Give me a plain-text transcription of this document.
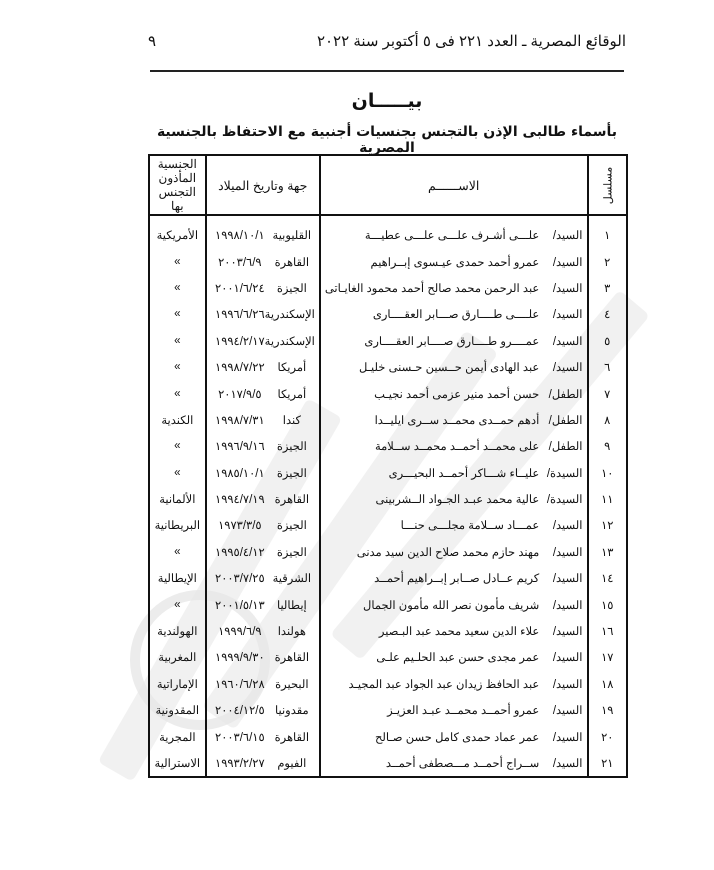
الوقائع المصرية ـ العدد ٢٢١ فى ٥ أكتوبر سنة ٢٠٢٢
٩
بيـــــان
بأسماء طالبى الإذن بالتجنس بجنسيات أجنبية مع الاحتفاظ بالجنسية المصرية
مسلسل	الاســــــم	جهة وتاريخ الميلاد	الجنسية المأذون التجنس بها
١	السيد/ علـــى أشـرف علـــى علـــى عطيـــة	القليوبية١٩٩٨/١٠/١	الأمريكية
٢	السيد/ عمرو أحمد حمدى عيـسوى إبــراهيم	القاهرة٢٠٠٣/٦/٩	»
٣	السيد/ عبد الرحمن محمد صالح أحمد محمود الغايـاتى	الجيزة٢٠٠١/٦/٢٤	»
٤	السيد/ علــــى طــــارق صـــابر العقــــارى	الإسكندرية١٩٩٦/٦/٢٦	»
٥	السيد/ عمــــرو طــــارق صــــابر العقــــارى	الإسكندرية١٩٩٤/٢/١٧	»
٦	السيد/ عبد الهادى أيمن حــسين حـسنى خليـل	أمريكا١٩٩٨/٧/٢٢	»
٧	الطفل/ حسن أحمد منير عزمى أحمد نجيـب	أمريكا٢٠١٧/٩/٥	»
٨	الطفل/ أدهم حمــدى محمــد ســرى ايليــدا	كندا١٩٩٨/٧/٣١	الكندية
٩	الطفل/ على محمــد أحمــد محمــد ســلامة	الجيزة١٩٩٦/٩/١٦	»
١٠	السيدة/ عليــاء شـــاكر أحمــد البحيـــرى	الجيزة١٩٨٥/١٠/١	»
١١	السيدة/ عالية محمد عبـد الجـواد الــشربينى	القاهرة١٩٩٤/٧/١٩	الألمانية
١٢	السيد/ عمـــاد ســلامة مجلـــى حنـــا	الجيزة١٩٧٣/٣/٥	البريطانية
١٣	السيد/ مهند حازم محمد صلاح الدين سيد مدنى	الجيزة١٩٩٥/٤/١٢	»
١٤	السيد/ كريم عــادل صــابر إبــراهيم أحمــد	الشرقية٢٠٠٣/٧/٢٥	الإيطالية
١٥	السيد/ شريف مأمون نصر الله مأمون الجمال	إيطاليا٢٠٠١/٥/١٣	»
١٦	السيد/ علاء الدين سعيد محمد عبد البـصير	هولندا١٩٩٩/٦/٩	الهولندية
١٧	السيد/ عمر مجدى حسن عبد الحلـيم علـى	القاهرة١٩٩٩/٩/٣٠	المغربية
١٨	السيد/ عبد الحافظ زيدان عبد الجواد عبد المجيـد	البحيرة١٩٦٠/٦/٢٨	الإماراتية
١٩	السيد/ عمرو أحمــد محمــد عبـد العزيـز	مقدونيا٢٠٠٤/١٢/٥	المقدونية
٢٠	السيد/ عمر عماد حمدى كامل حسن صـالح	القاهرة٢٠٠٣/٦/١٥	المجرية
٢١	السيد/ ســراج أحمــد مـــصطفى أحمــد	الفيوم١٩٩٣/٢/٢٧	الاسترالية
